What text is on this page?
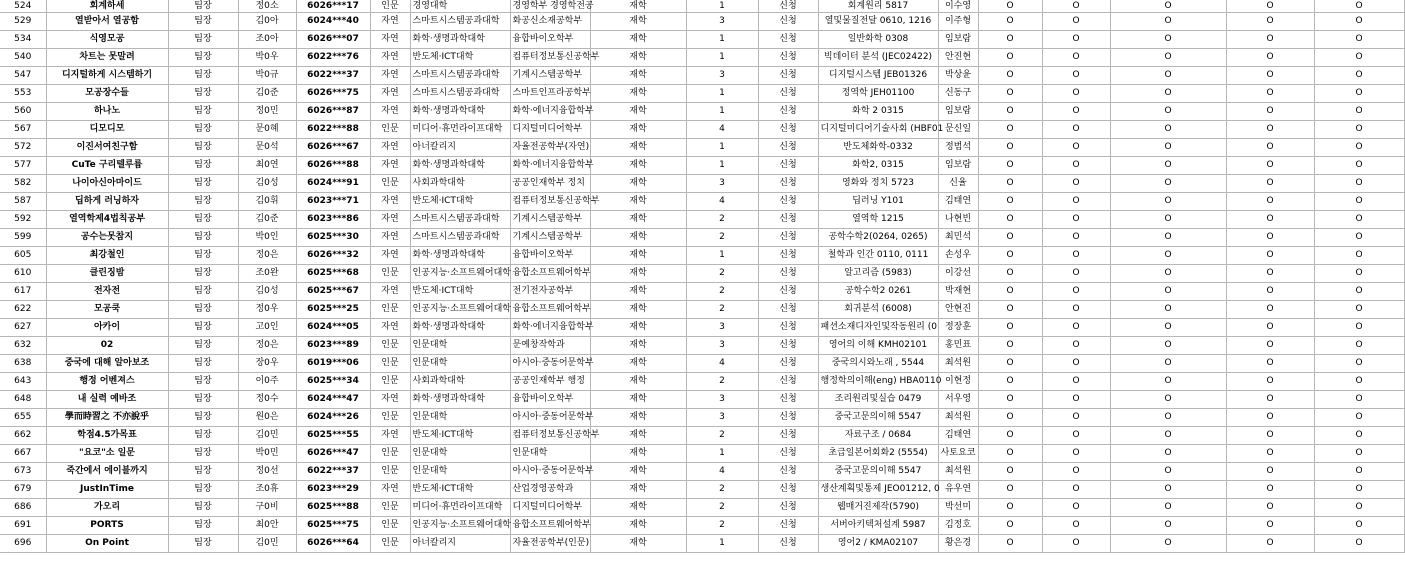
524	회계하세	팀장	정0소	6026***17	인문	경영대학	경영학부 경영학전공	재학	1	신청	회계원리 5817	이수영	O	O	O	O	O
529	열받아서 열공함	팀장	김0아	6024***40	자연	스마트시스템공과대학	화공신소재공학부	재학	3	신청	열및물질전달 0610, 1216	이주형	O	O	O	O	O
534	식영모공	팀장	조0아	6026***07	자연	화학·생명과학대학	융합바이오학부	재학	1	신청	일반화학 0308	임보람	O	O	O	O	O
540	차트는 못말려	팀장	박0우	6022***76	자연	반도체·ICT대학	컴퓨터정보통신공학부	재학	1	신청	빅데이터 분석 (JEC02422)	안진현	O	O	O	O	O
547	디지털하게 시스템하기	팀장	박0규	6022***37	자연	스마트시스템공과대학	기계시스템공학부	재학	3	신청	디지털시스템 JEB01326	박상윤	O	O	O	O	O
553	모공장수들	팀장	김0준	6026***75	자연	스마트시스템공과대학	스마트인프라공학부	재학	1	신청	정역학 JEH01100	신동구	O	O	O	O	O
560	하나노	팀장	정0민	6026***87	자연	화학·생명과학대학	화학·에너지융합학부	재학	1	신청	화학 2 0315	임보람	O	O	O	O	O
567	디모디모	팀장	문0혜	6022***88	인문	미디어·휴먼라이프대학	디지털미디어학부	재학	4	신청	디지털미디어기술사회 (HBF01	문신일	O	O	O	O	O
572	이진서여친구함	팀장	문0석	6026***67	자연	아너칼리지	자율전공학부(자연)	재학	1	신청	반도체화학-0332	정범석	O	O	O	O	O
577	CuTe 구리텔루륨	팀장	최0연	6026***88	자연	화학·생명과학대학	화학·에너지융합학부	재학	1	신청	화학2, 0315	임보람	O	O	O	O	O
582	나이아신아마이드	팀장	김0성	6024***91	인문	사회과학대학	공공인재학부 정치	재학	3	신청	영화와 정치 5723	신율	O	O	O	O	O
587	딥하게 러닝하자	팀장	김0휘	6023***71	자연	반도체·ICT대학	컴퓨터정보통신공학부	재학	4	신청	딥러닝 Y101	김태연	O	O	O	O	O
592	열역학제4법칙공부	팀장	김0준	6023***86	자연	스마트시스템공과대학	기계시스템공학부	재학	2	신청	열역학 1215	나현빈	O	O	O	O	O
599	공수는못참지	팀장	박0인	6025***30	자연	스마트시스템공과대학	기계시스템공학부	재학	2	신청	공학수학2(0264, 0265)	최민석	O	O	O	O	O
605	최강철인	팀장	정0은	6026***32	자연	화학·생명과학대학	융합바이오학부	재학	1	신청	철학과 인간 0110, 0111	손성우	O	O	O	O	O
610	클린징밤	팀장	조0완	6025***68	인문	인공지능·소프트웨어대학	융합소프트웨어학부	재학	2	신청	알고리즘 (5983)	이강선	O	O	O	O	O
617	전자전	팀장	김0성	6025***67	자연	반도체·ICT대학	전기전자공학부	재학	2	신청	공학수학2 0261	박재현	O	O	O	O	O
622	모공쿡	팀장	정0우	6025***25	인문	인공지능·소프트웨어대학	융합소프트웨어학부	재학	2	신청	회귀분석 (6008)	안현진	O	O	O	O	O
627	아카이	팀장	고0인	6024***05	자연	화학·생명과학대학	화학·에너지융합학부	재학	3	신청	패션소재디자인및작동원리 (0	정장훈	O	O	O	O	O
632	02	팀장	정0은	6023***89	인문	인문대학	문예창작학과	재학	3	신청	영어의 이해 KMH02101	홍민표	O	O	O	O	O
638	중국에 대해 알아보조	팀장	장0우	6019***06	인문	인문대학	아시아·중동어문학부	재학	4	신청	중국의시와노래 , 5544	최석원	O	O	O	O	O
643	행정 어벤져스	팀장	이0주	6025***34	인문	사회과학대학	공공인재학부 행정	재학	2	신청	행정학의이해(eng) HBA0110	이현정	O	O	O	O	O
648	내 실력 예바조	팀장	정0수	6024***47	자연	화학·생명과학대학	융합바이오학부	재학	3	신청	조리원리및실습 0479	서우영	O	O	O	O	O
655	學而時習之 不亦說乎	팀장	원0은	6024***26	인문	인문대학	아시아·중동어문학부	재학	3	신청	중국고문의이해 5547	최석원	O	O	O	O	O
662	학점4.5가목표	팀장	김0민	6025***55	자연	반도체·ICT대학	컴퓨터정보통신공학부	재학	2	신청	자료구조 / 0684	김태연	O	O	O	O	O
667	"요코"소 일문	팀장	박0민	6026***47	인문	인문대학	인문대학	재학	1	신청	초급일본어회화2 (5554)	사토요코	O	O	O	O	O
673	죽간에서 에이블까지	팀장	정0선	6022***37	인문	인문대학	아시아·중동어문학부	재학	4	신청	중국고문의이해 5547	최석원	O	O	O	O	O
679	JustInTime	팀장	조0휴	6023***29	자연	반도체·ICT대학	산업경영공학과	재학	2	신청	생산계획및통제 JEO01212, 0	유우연	O	O	O	O	O
686	가오리	팀장	구0비	6025***88	인문	미디어·휴먼라이프대학	디지털미디어학부	재학	2	신청	웹매거진제작(5790)	박선미	O	O	O	O	O
691	PORTS	팀장	최0안	6025***75	인문	인공지능·소프트웨어대학	융합소프트웨어학부	재학	2	신청	서버아키텍처설계 5987	김정호	O	O	O	O	O
696	On Point	팀장	김0민	6026***64	인문	아너칼리지	자율전공학부(인문)	재학	1	신청	영어2 / KMA02107	황은경	O	O	O	O	O
